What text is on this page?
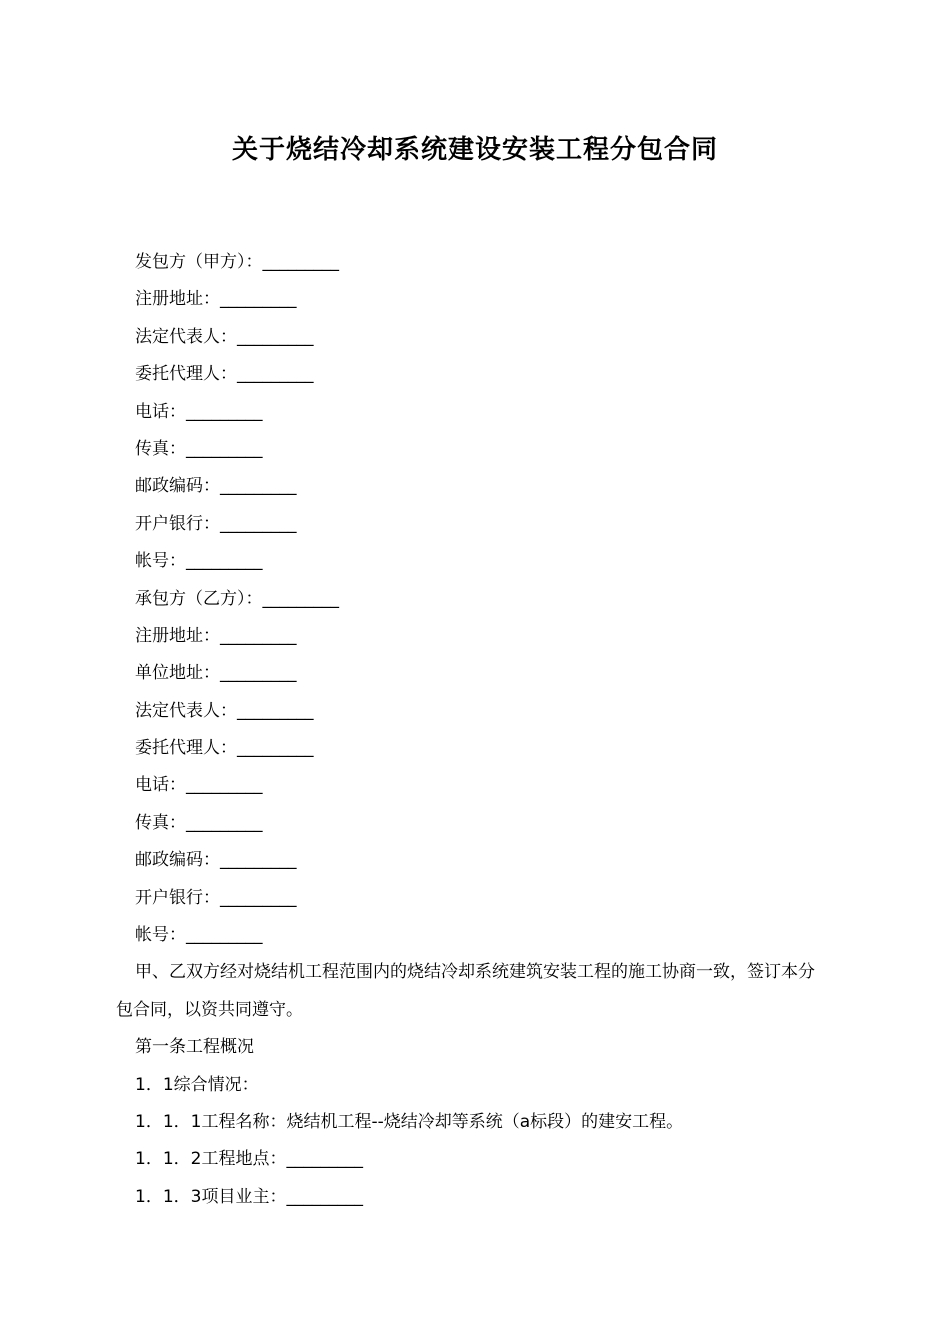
关于烧结冷却系统建设安装工程分包合同
发包方（甲方）：_________
注册地址：_________
法定代表人：_________
委托代理人：_________
电话：_________
传真：_________
邮政编码：_________
开户银行：_________
帐号：_________
承包方（乙方）：_________
注册地址：_________
单位地址：_________
法定代表人：_________
委托代理人：_________
电话：_________
传真：_________
邮政编码：_________
开户银行：_________
帐号：_________
甲、乙双方经对烧结机工程范围内的烧结冷却系统建筑安装工程的施工协商一致，签订本分包合同，以资共同遵守。
第一条工程概况
1．1综合情况：
1．1．1工程名称：烧结机工程--烧结冷却等系统（a标段）的建安工程。
1．1．2工程地点：_________
1．1．3项目业主：_________
